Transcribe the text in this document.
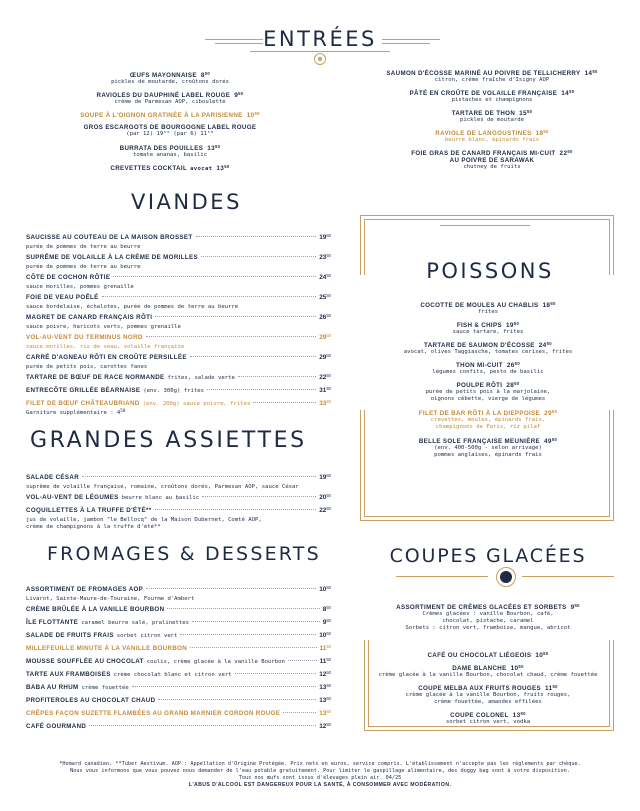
ENTRÉES
ŒUFS MAYONNAISE $8^{00}$
pickles de moutarde, croûtons dorés
RAVIOLES DU DAUPHINÉ LABEL ROUGE $9^{50}$
crème de Parmesan AOP, ciboulette
SOUPE À L'OIGNON GRATINÉE À LA PARISIENNE $10^{50}$
GROS ESCARGOTS DE BOURGOGNE LABEL ROUGE
(par 12) 19⁵⁰ (par 6) 11⁵⁰
BURRATA DES POUILLES $13^{50}$
tomate ananas, basilic
CREVETTES COCKTAIL avocat $13^{50}$
SAUMON D'ÉCOSSE MARINÉ AU POIVRE DE TELLICHERRY $14^{50}$
citron, crème fraîche d'Isigny AOP
PÂTÉ EN CROÛTE DE VOLAILLE FRANÇAISE $14^{50}$
pistaches et champignons
TARTARE DE THON $15^{50}$
pickles de moutarde
RAVIOLE DE LANGOUSTINES $18^{50}$
beurre blanc, épinards frais
FOIE GRAS DE CANARD FRANÇAIS MI-CUIT $22^{50}$
AU POIVRE DE SARAWAK
chutney de fruits
VIANDES
SAUCISSE AU COUTEAU DE LA MAISON BROSSET	$19^{50}$
purée de pommes de terre au beurre
SUPRÊME DE VOLAILLE À LA CRÈME DE MORILLES	$23^{50}$
purée de pommes de terre au beurre
CÔTE DE COCHON RÔTIE	$24^{50}$
sauce morilles, pommes grenaille
FOIE DE VEAU POÊLÉ	$25^{50}$
sauce bordelaise, échalotes, purée de pommes de terre au beurre
MAGRET DE CANARD FRANÇAIS RÔTI	$26^{50}$
sauce poivre, haricots verts, pommes grenaille
VOL-AU-VENT DU TERMINUS NORD	$29^{50}$
sauce morilles, ris de veau, volaille française
CARRÉ D'AGNEAU RÔTI EN CROÛTE PERSILLÉE	$29^{50}$
purée de petits pois, carottes fanes
TARTARE DE BŒUF DE RACE NORMANDE frites, salade verte	$22^{50}$
ENTRECÔTE GRILLÉE BÉARNAISE (env. 300g) frites	$31^{50}$
FILET DE BŒUF CHÂTEAUBRIAND (env. 200g) sauce poivre, frites	$33^{50}$
Garniture supplémentaire : $4^{50}$
GRANDES ASSIETTES
SALADE CÉSAR	$19^{50}$
suprême de volaille française, romaine, croûtons dorés, Parmesan AOP, sauce César
VOL-AU-VENT DE LÉGUMES beurre blanc au basilic	$20^{50}$
COQUILLETTES À LA TRUFFE D'ÉTÉ**	$22^{50}$
jus de volaille, jambon "le Bellocq" de la Maison Dubernet, Comté AOP,
crème de champignons à la truffe d'été**
FROMAGES & DESSERTS
ASSORTIMENT DE FROMAGES AOP	$10^{50}$
Livarot, Sainte-Maure-de-Touraine, Fourme d'Ambert
CRÈME BRÛLÉE À LA VANILLE BOURBON	$8^{50}$
ÎLE FLOTTANTE caramel beurre salé, pralinettes	$9^{50}$
SALADE DE FRUITS FRAIS sorbet citron vert	$10^{50}$
MILLEFEUILLE MINUTE À LA VANILLE BOURBON	$11^{50}$
MOUSSE SOUFFLÉE AU CHOCOLAT coulis, crème glacée à la vanille Bourbon	$11^{50}$
TARTE AUX FRAMBOISES crème chocolat blanc et citron vert	$12^{50}$
BABA AU RHUM crème fouettée	$13^{50}$
PROFITEROLES AU CHOCOLAT CHAUD	$13^{50}$
CRÊPES FAÇON SUZETTE FLAMBÉES AU GRAND MARNIER CORDON ROUGE	$13^{50}$
CAFÉ GOURMAND	$12^{50}$
POISSONS
COCOTTE DE MOULES AU CHABLIS $18^{50}$
frites
FISH & CHIPS $19^{50}$
sauce tartare, frites
TARTARE DE SAUMON D'ÉCOSSE $24^{50}$
avocat, olives Taggiasche, tomates cerises, frites
THON MI-CUIT $26^{50}$
légumes confits, pesto de basilic
POULPE RÔTI $28^{50}$
purée de petits pois à la marjolaine,
oignons cébette, vierge de légumes
FILET DE BAR RÔTI À LA DIEPPOISE $29^{50}$
crevettes, moules, épinards frais,
champignons de Paris, riz pilaf
BELLE SOLE FRANÇAISE MEUNIÈRE $49^{50}$
(env. 400-500g - selon arrivage)
pommes anglaises, épinards frais
COUPES GLACÉES
ASSORTIMENT DE CRÈMES GLACÉES ET SORBETS $9^{50}$
Crèmes glacées : vanille Bourbon, café,
chocolat, pistache, caramel
Sorbets : citron vert, framboise, mangue, abricot
CAFÉ OU CHOCOLAT LIÉGEOIS $10^{50}$
DAME BLANCHE $10^{50}$
crème glacée à la vanille Bourbon, chocolat chaud, crème fouettée
COUPE MELBA AUX FRUITS ROUGES $11^{50}$
crème glacée à la vanille Bourbon, fruits rouges,
crème fouettée, amandes effilées
COUPE COLONEL $13^{50}$
sorbet citron vert, vodka
*Homard canadien. **Tuber Aestivum. AOP : Appellation d'Origine Protégée. Prix nets en euros, service compris. L'établissement n'accepte pas les règlements par chèque.
Nous vous informons que vous pouvez nous demander de l'eau potable gratuitement. Pour limiter le gaspillage alimentaire, des doggy bag sont à votre disposition.
Tous nos œufs sont issus d'élevages plein air. 04/25
L'ABUS D'ALCOOL EST DANGEREUX POUR LA SANTÉ, À CONSOMMER AVEC MODÉRATION.
